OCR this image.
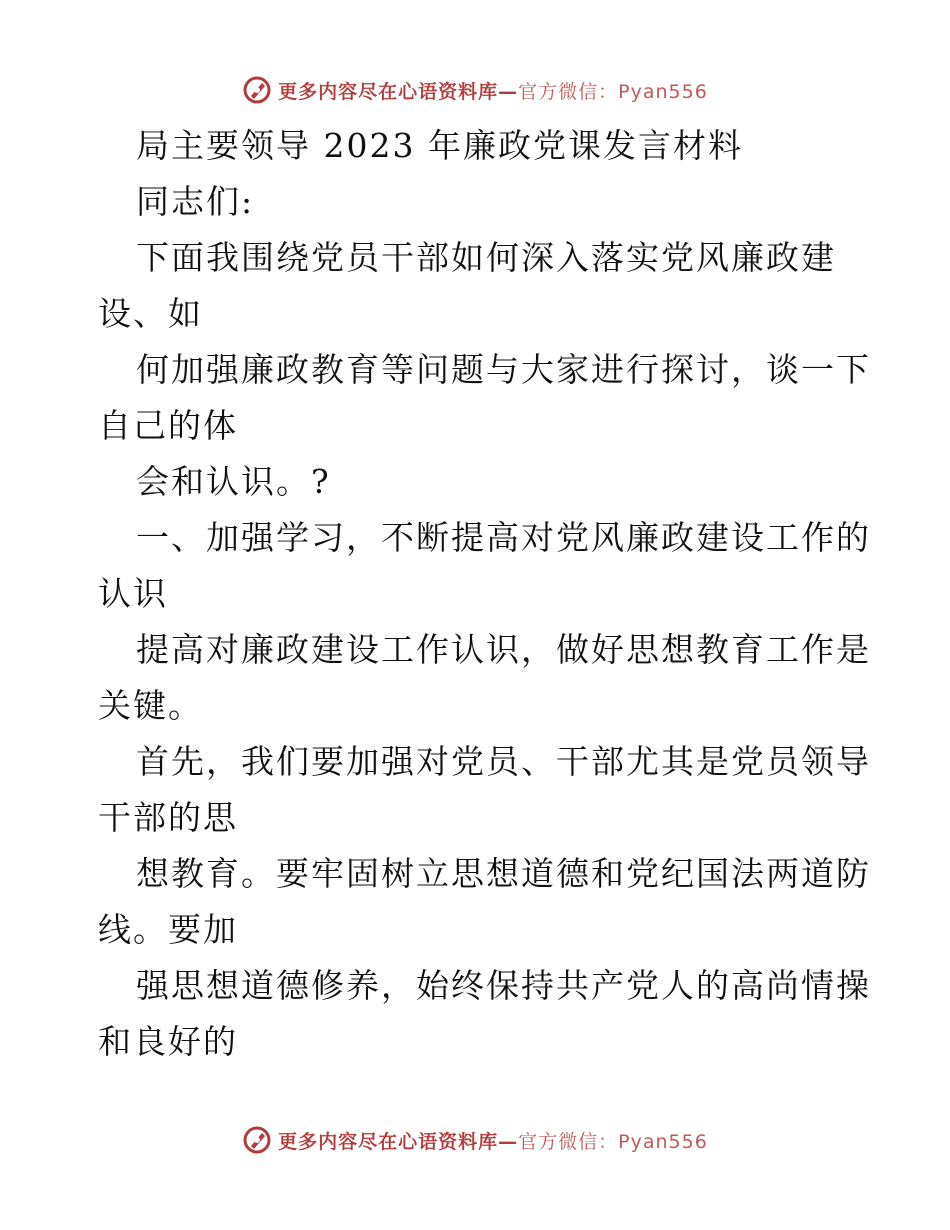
更多内容尽在心语资料库—官方微信：Pyan556
局主要领导 2023 年廉政党课发言材料
同志们:
下面我围绕党员干部如何深入落实党风廉政建
设、如
何加强廉政教育等问题与大家进行探讨，谈一下
自己的体
会和认识。?
一、加强学习，不断提高对党风廉政建设工作的
认识
提高对廉政建设工作认识，做好思想教育工作是
关键。
首先，我们要加强对党员、干部尤其是党员领导
干部的思
想教育。要牢固树立思想道德和党纪国法两道防
线。要加
强思想道德修养，始终保持共产党人的高尚情操
和良好的
更多内容尽在心语资料库—官方微信：Pyan556
